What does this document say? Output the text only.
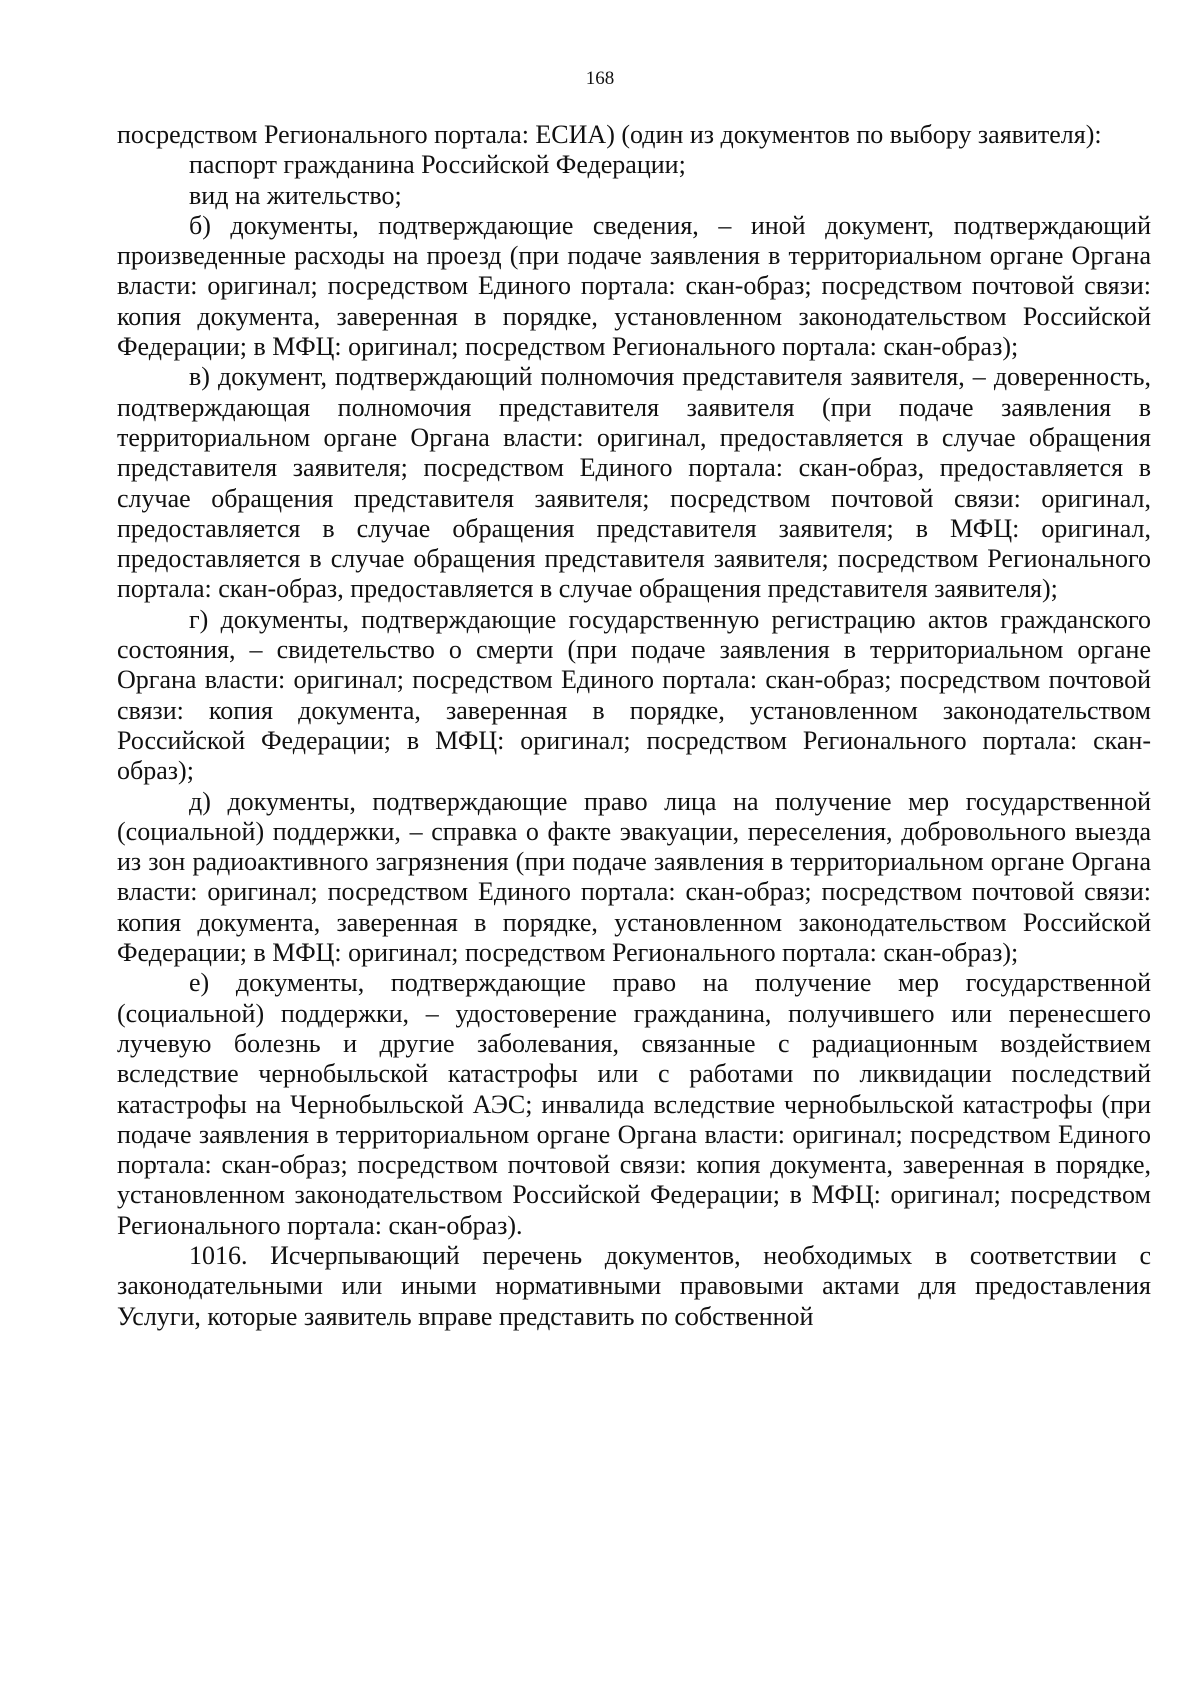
168

посредством Регионального портала: ЕСИА) (один из документов по выбору заявителя):

паспорт гражданина Российской Федерации;

вид на жительство;

б) документы, подтверждающие сведения, – иной документ, подтверждающий произведенные расходы на проезд (при подаче заявления в территориальном органе Органа власти: оригинал; посредством Единого портала: скан-образ; посредством почтовой связи: копия документа, заверенная в порядке, установленном законодательством Российской Федерации; в МФЦ: оригинал; посредством Регионального портала: скан-образ);

в) документ, подтверждающий полномочия представителя заявителя, – доверенность, подтверждающая полномочия представителя заявителя (при подаче заявления в территориальном органе Органа власти: оригинал, предоставляется в случае обращения представителя заявителя; посредством Единого портала: скан-образ, предоставляется в случае обращения представителя заявителя; посредством почтовой связи: оригинал, предоставляется в случае обращения представителя заявителя; в МФЦ: оригинал, предоставляется в случае обращения представителя заявителя; посредством Регионального портала: скан-образ, предоставляется в случае обращения представителя заявителя);

г) документы, подтверждающие государственную регистрацию актов гражданского состояния, – свидетельство о смерти (при подаче заявления в территориальном органе Органа власти: оригинал; посредством Единого портала: скан-образ; посредством почтовой связи: копия документа, заверенная в порядке, установленном законодательством Российской Федерации; в МФЦ: оригинал; посредством Регионального портала: скан-образ);

д) документы, подтверждающие право лица на получение мер государственной (социальной) поддержки, – справка о факте эвакуации, переселения, добровольного выезда из зон радиоактивного загрязнения (при подаче заявления в территориальном органе Органа власти: оригинал; посредством Единого портала: скан-образ; посредством почтовой связи: копия документа, заверенная в порядке, установленном законодательством Российской Федерации; в МФЦ: оригинал; посредством Регионального портала: скан-образ);

е) документы, подтверждающие право на получение мер государственной (социальной) поддержки, – удостоверение гражданина, получившего или перенесшего лучевую болезнь и другие заболевания, связанные с радиационным воздействием вследствие чернобыльской катастрофы или с работами по ликвидации последствий катастрофы на Чернобыльской АЭС; инвалида вследствие чернобыльской катастрофы (при подаче заявления в территориальном органе Органа власти: оригинал; посредством Единого портала: скан-образ; посредством почтовой связи: копия документа, заверенная в порядке, установленном законодательством Российской Федерации; в МФЦ: оригинал; посредством Регионального портала: скан-образ).

1016. Исчерпывающий перечень документов, необходимых в соответствии с законодательными или иными нормативными правовыми актами для предоставления Услуги, которые заявитель вправе представить по собственной
